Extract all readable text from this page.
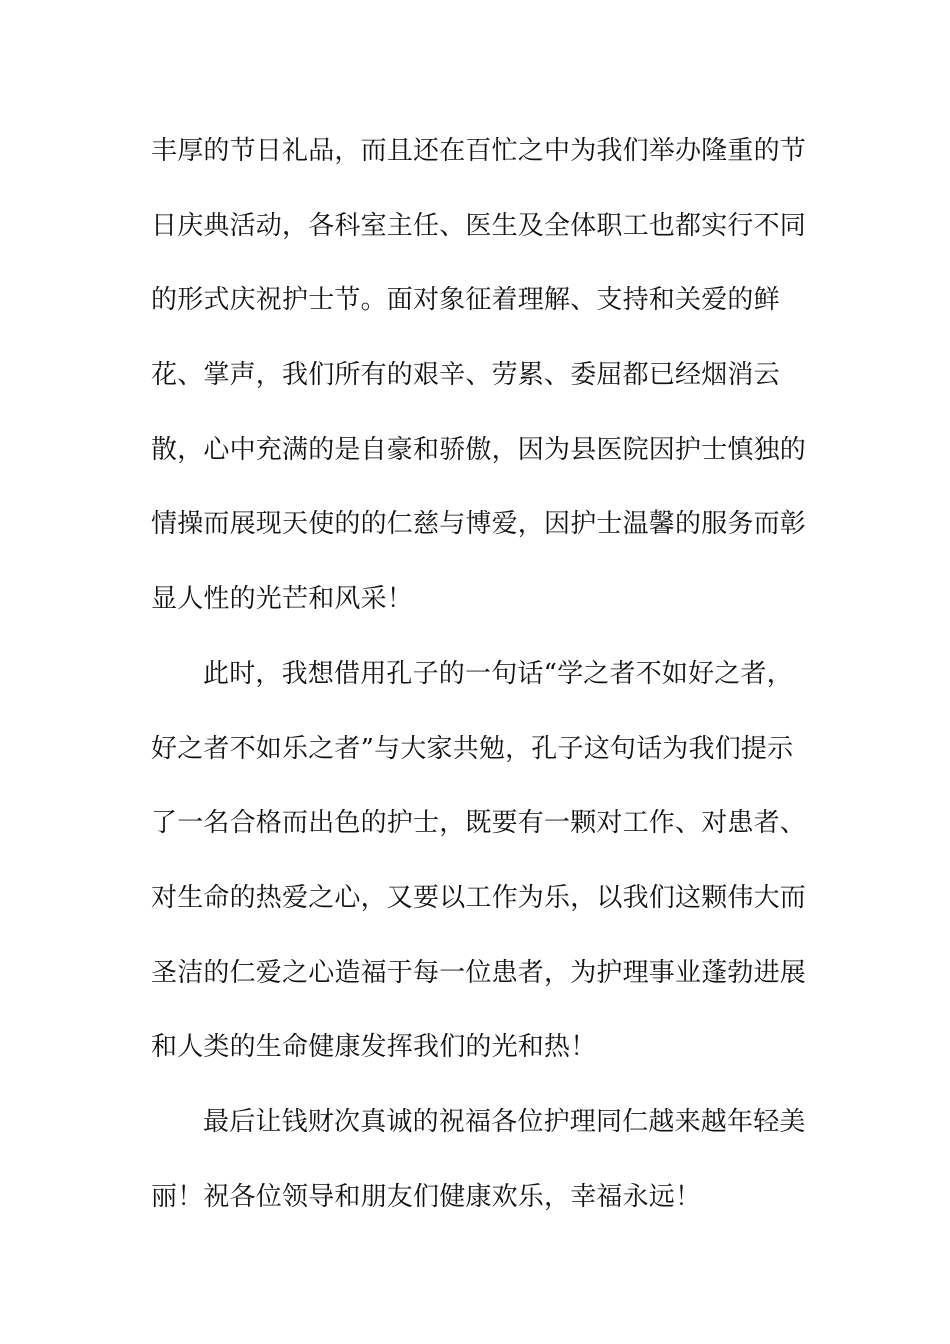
丰厚的节日礼品，而且还在百忙之中为我们举办隆重的节
日庆典活动，各科室主任、医生及全体职工也都实行不同
的形式庆祝护士节。面对象征着理解、支持和关爱的鲜
花、掌声，我们所有的艰辛、劳累、委屈都已经烟消云
散，心中充满的是自豪和骄傲，因为县医院因护士慎独的
情操而展现天使的的仁慈与博爱，因护士温馨的服务而彰
显人性的光芒和风采！
此时，我想借用孔子的一句话“学之者不如好之者，
好之者不如乐之者”与大家共勉，孔子这句话为我们提示
了一名合格而出色的护士，既要有一颗对工作、对患者、
对生命的热爱之心，又要以工作为乐，以我们这颗伟大而
圣洁的仁爱之心造福于每一位患者，为护理事业蓬勃进展
和人类的生命健康发挥我们的光和热！
最后让钱财次真诚的祝福各位护理同仁越来越年轻美
丽！祝各位领导和朋友们健康欢乐，幸福永远！
